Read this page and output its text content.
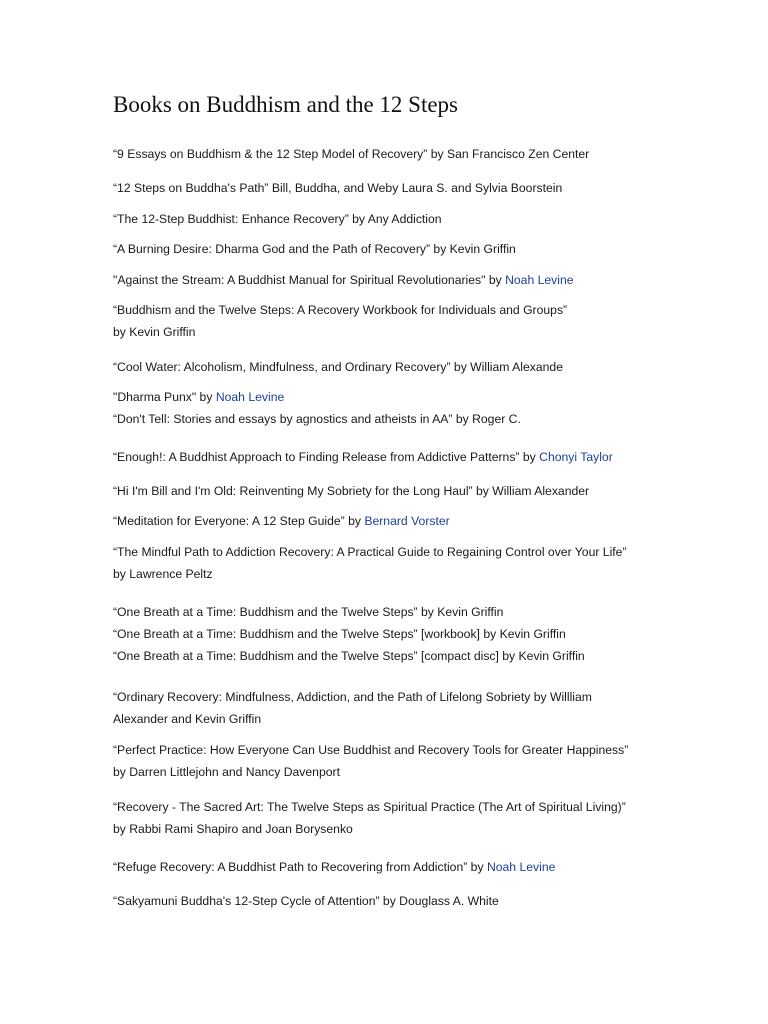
Books on Buddhism and the 12 Steps
“9 Essays on Buddhism & the 12 Step Model of Recovery” by San Francisco Zen Center
“12 Steps on Buddha's Path” Bill, Buddha, and Weby Laura S. and Sylvia Boorstein
“The 12-Step Buddhist: Enhance Recovery” by Any Addiction
“A Burning Desire: Dharma God and the Path of Recovery” by Kevin Griffin
"Against the Stream: A Buddhist Manual for Spiritual Revolutionaries" by Noah Levine
“Buddhism and the Twelve Steps: A Recovery Workbook for Individuals and Groups”
by Kevin Griffin
“Cool Water: Alcoholism, Mindfulness, and Ordinary Recovery” by William Alexande
"Dharma Punx" by Noah Levine
“Don't Tell: Stories and essays by agnostics and atheists in AA” by Roger C.
“Enough!: A Buddhist Approach to Finding Release from Addictive Patterns” by Chonyi Taylor
“Hi I'm Bill and I'm Old: Reinventing My Sobriety for the Long Haul” by William Alexander
“Meditation for Everyone: A 12 Step Guide” by Bernard Vorster
“The Mindful Path to Addiction Recovery: A Practical Guide to Regaining Control over Your Life”
by Lawrence Peltz
“One Breath at a Time: Buddhism and the Twelve Steps” by Kevin Griffin
“One Breath at a Time: Buddhism and the Twelve Steps” [workbook] by Kevin Griffin
“One Breath at a Time: Buddhism and the Twelve Steps” [compact disc] by Kevin Griffin
“Ordinary Recovery: Mindfulness, Addiction, and the Path of Lifelong Sobriety by Willliam
Alexander and Kevin Griffin
“Perfect Practice: How Everyone Can Use Buddhist and Recovery Tools for Greater Happiness”
by Darren Littlejohn and Nancy Davenport
“Recovery - The Sacred Art: The Twelve Steps as Spiritual Practice (The Art of Spiritual Living)”
by Rabbi Rami Shapiro and Joan Borysenko
“Refuge Recovery: A Buddhist Path to Recovering from Addiction” by Noah Levine
“Sakyamuni Buddha's 12-Step Cycle of Attention” by Douglass A. White
